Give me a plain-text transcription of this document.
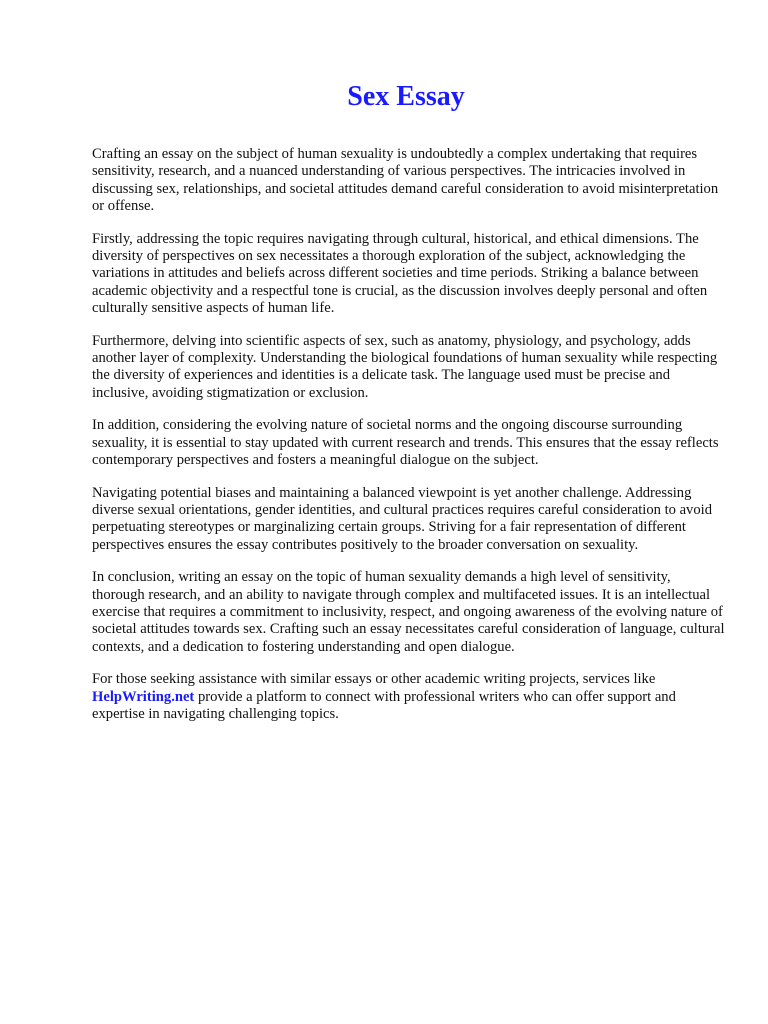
Sex Essay

Crafting an essay on the subject of human sexuality is undoubtedly a complex undertaking that requires sensitivity, research, and a nuanced understanding of various perspectives. The intricacies involved in discussing sex, relationships, and societal attitudes demand careful consideration to avoid misinterpretation or offense.

Firstly, addressing the topic requires navigating through cultural, historical, and ethical dimensions. The diversity of perspectives on sex necessitates a thorough exploration of the subject, acknowledging the variations in attitudes and beliefs across different societies and time periods. Striking a balance between academic objectivity and a respectful tone is crucial, as the discussion involves deeply personal and often culturally sensitive aspects of human life.

Furthermore, delving into scientific aspects of sex, such as anatomy, physiology, and psychology, adds another layer of complexity. Understanding the biological foundations of human sexuality while respecting the diversity of experiences and identities is a delicate task. The language used must be precise and inclusive, avoiding stigmatization or exclusion.

In addition, considering the evolving nature of societal norms and the ongoing discourse surrounding sexuality, it is essential to stay updated with current research and trends. This ensures that the essay reflects contemporary perspectives and fosters a meaningful dialogue on the subject.

Navigating potential biases and maintaining a balanced viewpoint is yet another challenge. Addressing diverse sexual orientations, gender identities, and cultural practices requires careful consideration to avoid perpetuating stereotypes or marginalizing certain groups. Striving for a fair representation of different perspectives ensures the essay contributes positively to the broader conversation on sexuality.

In conclusion, writing an essay on the topic of human sexuality demands a high level of sensitivity, thorough research, and an ability to navigate through complex and multifaceted issues. It is an intellectual exercise that requires a commitment to inclusivity, respect, and ongoing awareness of the evolving nature of societal attitudes towards sex. Crafting such an essay necessitates careful consideration of language, cultural contexts, and a dedication to fostering understanding and open dialogue.

For those seeking assistance with similar essays or other academic writing projects, services like HelpWriting.net provide a platform to connect with professional writers who can offer support and expertise in navigating challenging topics.
